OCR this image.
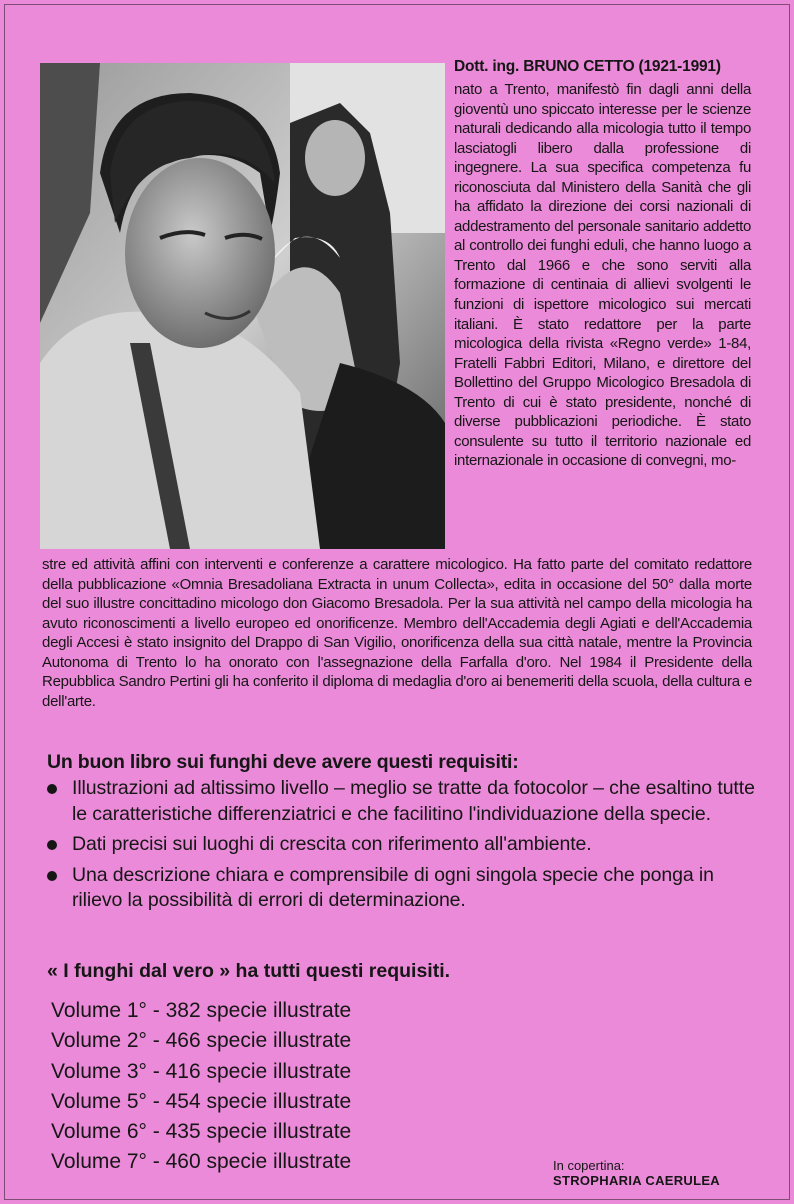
Dott. ing. BRUNO CETTO (1921-1991)

nato a Trento, manifestò fin dagli anni della gioventù uno spiccato interesse per le scienze naturali dedicando alla micologia tutto il tempo lasciatogli libero dalla professione di ingegnere. La sua specifica competenza fu riconosciuta dal Ministero della Sanità che gli ha affidato la direzione dei corsi nazionali di addestramento del personale sanitario addetto al controllo dei funghi eduli, che hanno luogo a Trento dal 1966 e che sono serviti alla formazione di centinaia di allievi svolgenti le funzioni di ispettore micologico sui mercati italiani. È stato redattore per la parte micologica della rivista «Regno verde» 1-84, Fratelli Fabbri Editori, Milano, e direttore del Bollettino del Gruppo Micologico Bresadola di Trento di cui è stato presidente, nonché di diverse pubblicazioni periodiche. È stato consulente su tutto il territorio nazionale ed internazionale in occasione di convegni, mo-

stre ed attività affini con interventi e conferenze a carattere micologico. Ha fatto parte del comitato redattore della pubblicazione «Omnia Bresadoliana Extracta in unum Collecta», edita in occasione del 50° dalla morte del suo illustre concittadino micologo don Giacomo Bresadola. Per la sua attività nel campo della micologia ha avuto riconoscimenti a livello europeo ed onorificenze. Membro dell'Accademia degli Agiati e dell'Accademia degli Accesi è stato insignito del Drappo di San Vigilio, onorificenza della sua città natale, mentre la Provincia Autonoma di Trento lo ha onorato con l'assegnazione della Farfalla d'oro. Nel 1984 il Presidente della Repubblica Sandro Pertini gli ha conferito il diploma di medaglia d'oro ai benemeriti della scuola, della cultura e dell'arte.

Un buon libro sui funghi deve avere questi requisiti:

Illustrazioni ad altissimo livello – meglio se tratte da fotocolor – che esaltino tutte le caratteristiche differenziatrici e che facilitino l'individuazione della specie.
Dati precisi sui luoghi di crescita con riferimento all'ambiente.
Una descrizione chiara e comprensibile di ogni singola specie che ponga in rilievo la possibilità di errori di determinazione.

« I funghi dal vero » ha tutti questi requisiti.

Volume 1° - 382 specie illustrate
Volume 2° - 466 specie illustrate
Volume 3° - 416 specie illustrate
Volume 5° - 454 specie illustrate
Volume 6° - 435 specie illustrate
Volume 7° - 460 specie illustrate	In copertina:

STROPHARIA CAERULEA
